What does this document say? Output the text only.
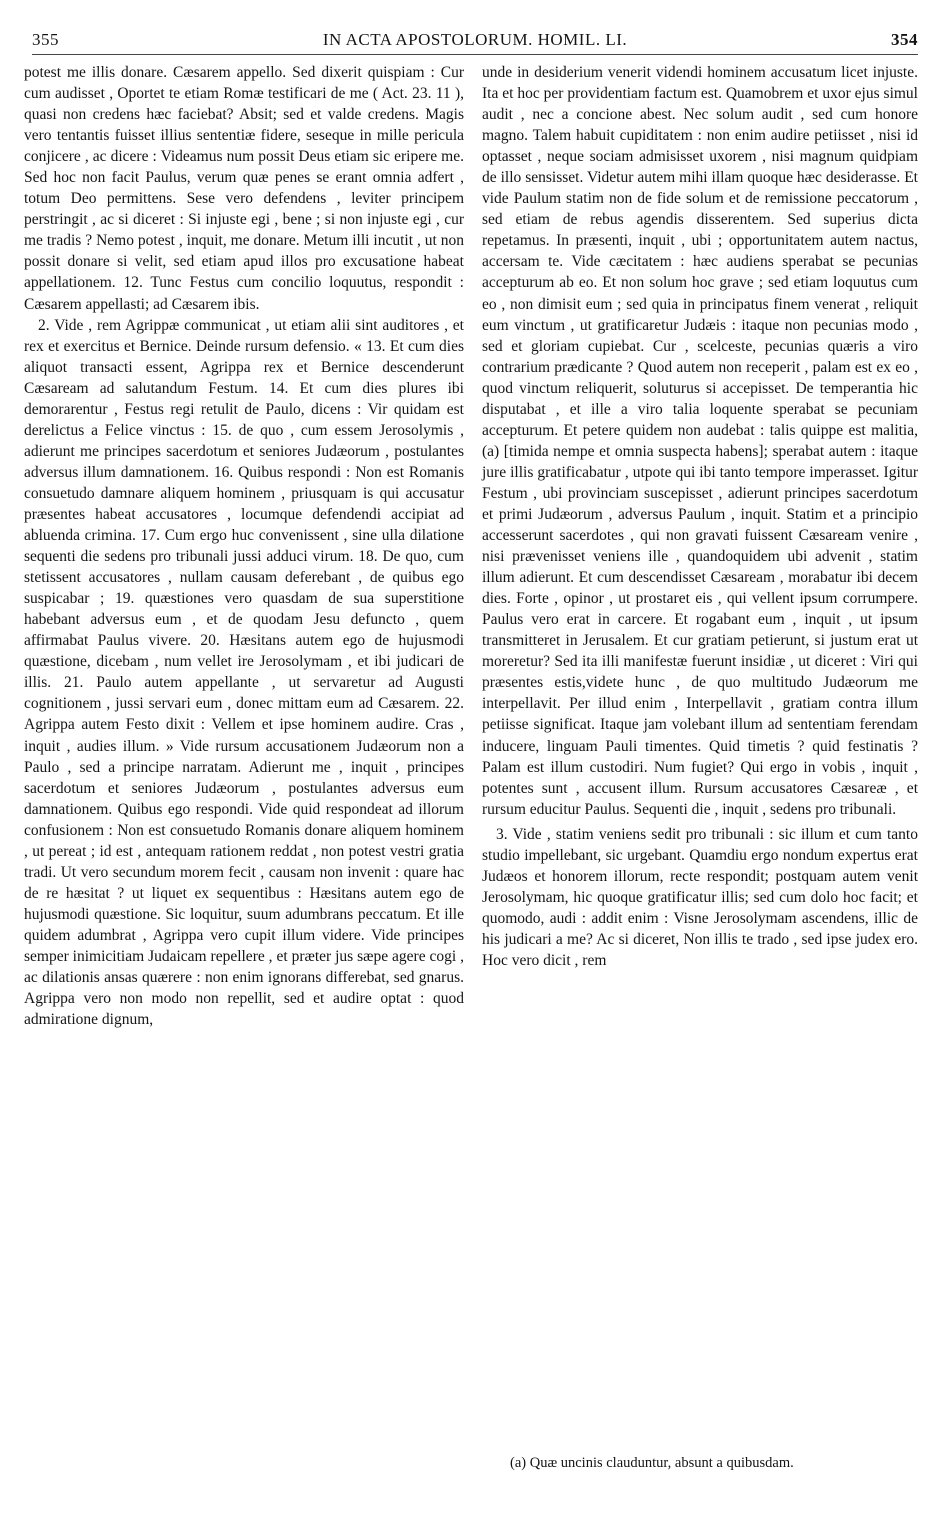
355	IN ACTA APOSTOLORUM. HOMIL. LI.	354

potest me illis donare. Cæsarem appello. Sed dixerit quispiam : Cur cum audisset , Oportet te etiam Romæ testificari de me ( Act. 23. 11 ), quasi non credens hæc faciebat? Absit; sed et valde credens. Magis vero tentantis fuisset illius sententiæ fidere, seseque in mille pericula conjicere , ac dicere : Videamus num possit Deus etiam sic eripere me. Sed hoc non facit Paulus, verum quæ penes se erant omnia adfert , totum Deo permittens. Sese vero defendens , leviter principem perstringit , ac si diceret : Si injuste egi , bene ; si non injuste egi , cur me tradis ? Nemo potest , inquit, me donare. Metum illi incutit , ut non possit donare si velit, sed etiam apud illos pro excusatione habeat appellationem. 12. Tunc Festus cum concilio loquutus, respondit : Cæsarem appellasti; ad Cæsarem ibis.

2. Vide , rem Agrippæ communicat , ut etiam alii sint auditores , et rex et exercitus et Bernice. Deinde rursum defensio. « 13. Et cum dies aliquot transacti essent, Agrippa rex et Bernice descenderunt Cæsaream ad salutandum Festum. 14. Et cum dies plures ibi demorarentur , Festus regi retulit de Paulo, dicens : Vir quidam est derelictus a Felice vinctus : 15. de quo , cum essem Jerosolymis , adierunt me principes sacerdotum et seniores Judæorum , postulantes adversus illum damnationem. 16. Quibus respondi : Non est Romanis consuetudo damnare aliquem hominem , priusquam is qui accusatur præsentes habeat accusatores , locumque defendendi accipiat ad abluenda crimina. 17. Cum ergo huc convenissent , sine ulla dilatione sequenti die sedens pro tribunali jussi adduci virum. 18. De quo, cum stetissent accusatores , nullam causam deferebant , de quibus ego suspicabar ; 19. quæstiones vero quasdam de sua superstitione habebant adversus eum , et de quodam Jesu defuncto , quem affirmabat Paulus vivere. 20. Hæsitans autem ego de hujusmodi quæstione, dicebam , num vellet ire Jerosolymam , et ibi judicari de illis. 21. Paulo autem appellante , ut servaretur ad Augusti cognitionem , jussi servari eum , donec mittam eum ad Cæsarem. 22. Agrippa autem Festo dixit : Vellem et ipse hominem audire. Cras , inquit , audies illum. » Vide rursum accusationem Judæorum non a Paulo , sed a principe narratam. Adierunt me , inquit , principes sacerdotum et seniores Judæorum , postulantes adversus eum damnationem. Quibus ego respondi. Vide quid respondeat ad illorum confusionem : Non est consuetudo Romanis donare aliquem hominem , ut pereat ; id est , antequam rationem reddat , non potest vestri gratia tradi. Ut vero secundum morem fecit , causam non invenit : quare hac de re hæsitat ? ut liquet ex sequentibus : Hæsitans autem ego de hujusmodi quæstione. Sic loquitur, suum adumbrans peccatum. Et ille quidem adumbrat , Agrippa vero cupit illum videre. Vide principes semper inimicitiam Judaicam repellere , et præter jus sæpe agere cogi , ac dilationis ansas quærere : non enim ignorans differebat, sed gnarus. Agrippa vero non modo non repellit, sed et audire optat : quod admiratione dignum,

unde in desiderium venerit videndi hominem accusatum licet injuste. Ita et hoc per providentiam factum est. Quamobrem et uxor ejus simul audit , nec a concione abest. Nec solum audit , sed cum honore magno. Talem habuit cupiditatem : non enim audire petiisset , nisi id optasset , neque sociam admisisset uxorem , nisi magnum quidpiam de illo sensisset. Videtur autem mihi illam quoque hæc desiderasse. Et vide Paulum statim non de fide solum et de remissione peccatorum , sed etiam de rebus agendis disserentem. Sed superius dicta repetamus. In præsenti, inquit , ubi ; opportunitatem autem nactus, accersam te. Vide cæcitatem : hæc audiens sperabat se pecunias accepturum ab eo. Et non solum hoc grave ; sed etiam loquutus cum eo , non dimisit eum ; sed quia in principatus finem venerat , reliquit eum vinctum , ut gratificaretur Judæis : itaque non pecunias modo , sed et gloriam cupiebat. Cur , scelceste, pecunias quæris a viro contrarium prædicante ? Quod autem non receperit , palam est ex eo , quod vinctum reliquerit, soluturus si accepisset. De temperantia hic disputabat , et ille a viro talia loquente sperabat se pecuniam accepturum. Et petere quidem non audebat : talis quippe est malitia, (a) [timida nempe et omnia suspecta habens]; sperabat autem : itaque jure illis gratificabatur , utpote qui ibi tanto tempore imperasset. Igitur Festum , ubi provinciam suscepisset , adierunt principes sacerdotum et primi Judæorum , adversus Paulum , inquit. Statim et a principio accesserunt sacerdotes , qui non gravati fuissent Cæsaream venire , nisi prævenisset veniens ille , quandoquidem ubi advenit , statim illum adierunt. Et cum descendisset Cæsaream , morabatur ibi decem dies. Forte , opinor , ut prostaret eis , qui vellent ipsum corrumpere. Paulus vero erat in carcere. Et rogabant eum , inquit , ut ipsum transmitteret in Jerusalem. Et cur gratiam petierunt, si justum erat ut moreretur? Sed ita illi manifestæ fuerunt insidiæ , ut diceret : Viri qui præsentes estis,videte hunc , de quo multitudo Judæorum me interpellavit. Per illud enim , Interpellavit , gratiam contra illum petiisse significat. Itaque jam volebant illum ad sententiam ferendam inducere, linguam Pauli timentes. Quid timetis ? quid festinatis ? Palam est illum custodiri. Num fugiet? Qui ergo in vobis , inquit , potentes sunt , accusent illum. Rursum accusatores Cæsareæ , et rursum educitur Paulus. Sequenti die , inquit , sedens pro tribunali.

3. Vide , statim veniens sedit pro tribunali : sic illum et cum tanto studio impellebant, sic urgebant. Quamdiu ergo nondum expertus erat Judæos et honorem illorum, recte respondit; postquam autem venit Jerosolymam, hic quoque gratificatur illis; sed cum dolo hoc facit; et quomodo, audi : addit enim : Visne Jerosolymam ascendens, illic de his judicari a me? Ac si diceret, Non illis te trado , sed ipse judex ero. Hoc vero dicit , rem

(a) Quæ uncinis clauduntur, absunt a quibusdam.
